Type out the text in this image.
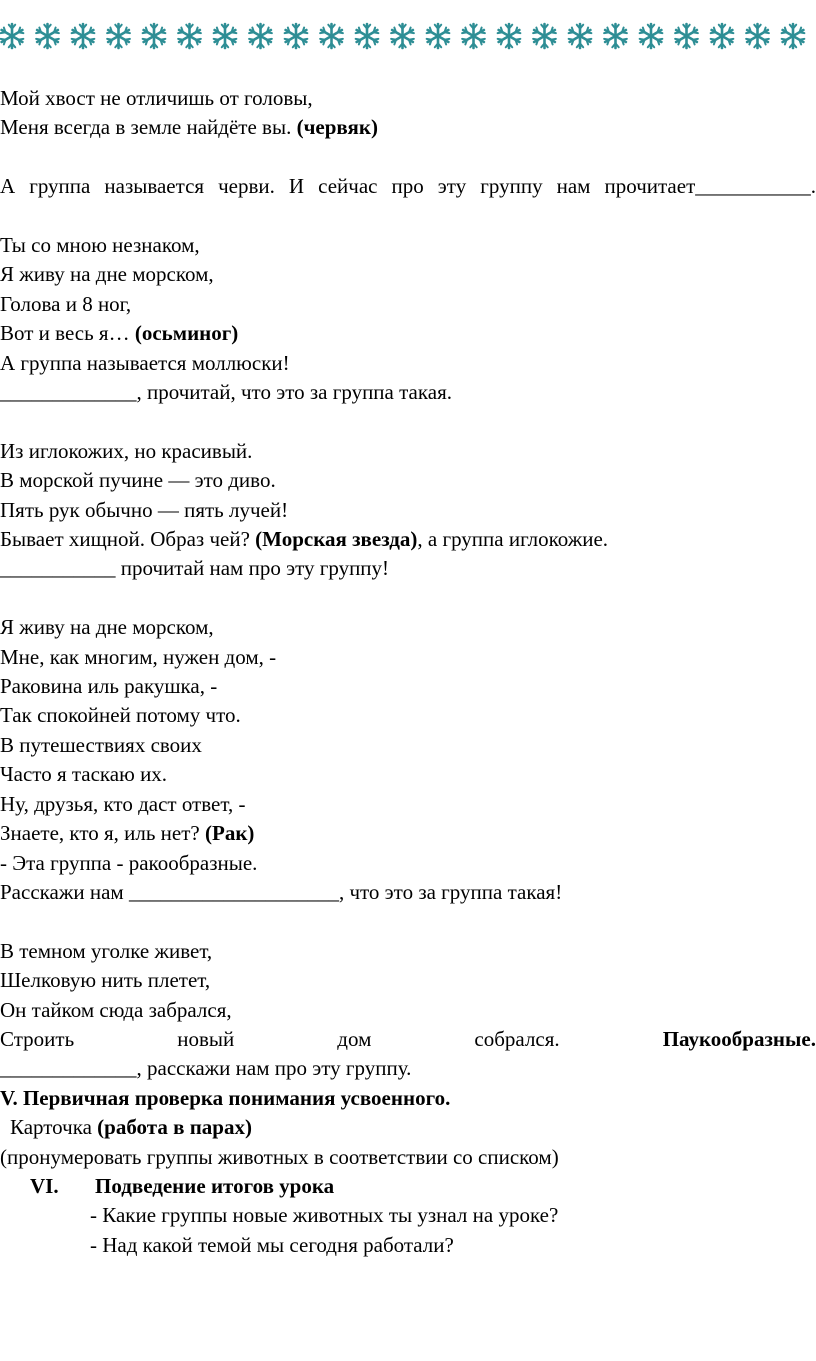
Мой хвост не отличишь от головы,
Меня всегда в земле найдёте вы. (червяк)
А группа называется черви. И сейчас про эту группу нам прочитает___________.
Ты со мною незнаком,
Я живу на дне морском,
Голова и 8 ног,
Вот и весь я… (осьминог)
А группа называется моллюски!
_____________, прочитай, что это за группа такая.
Из иглокожих, но красивый.
В морской пучине — это диво.
Пять рук обычно — пять лучей!
Бывает хищной. Образ чей? (Морская звезда), а группа иглокожие.
___________ прочитай нам про эту группу!
Я живу на дне морском,
Мне, как многим, нужен дом, -
Раковина иль ракушка, -
Так спокойней потому что.
В путешествиях своих
Часто я таскаю их.
Ну, друзья, кто даст ответ, -
Знаете, кто я, иль нет? (Рак)
- Эта группа - ракообразные.
Расскажи нам ____________________, что это за группа такая!
В темном уголке живет,
Шелковую нить плетет,
Он тайком сюда забрался,
Строить новый дом собрался. Паукообразные.
_____________, расскажи нам про эту группу.
V. Первичная проверка понимания усвоенного.
Карточка (работа в парах)
(пронумеровать группы животных в соответствии со списком)
VI. Подведение итогов урока
- Какие группы новые животных ты узнал на уроке?
- Над какой темой мы сегодня работали?
